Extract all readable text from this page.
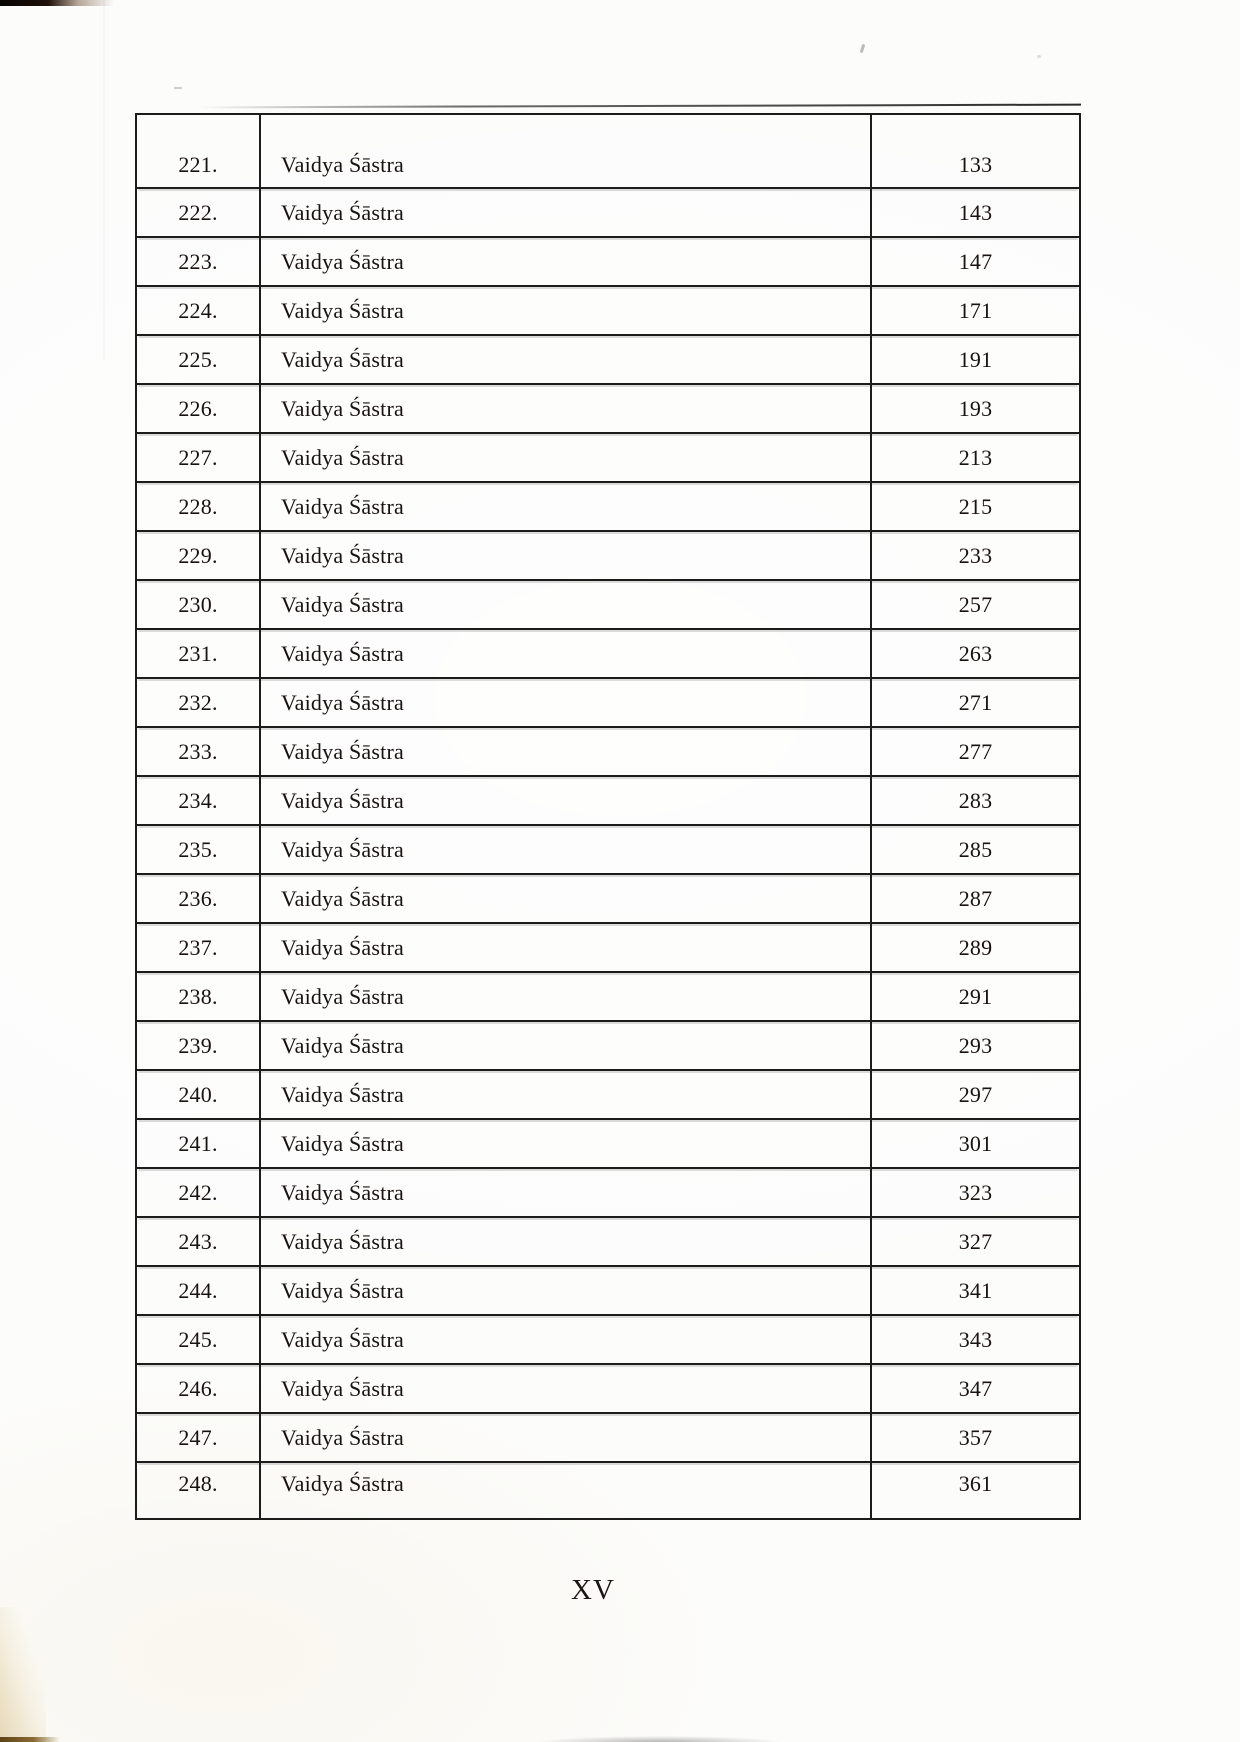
221.	Vaidya Śāstra	133
222.	Vaidya Śāstra	143
223.	Vaidya Śāstra	147
224.	Vaidya Śāstra	171
225.	Vaidya Śāstra	191
226.	Vaidya Śāstra	193
227.	Vaidya Śāstra	213
228.	Vaidya Śāstra	215
229.	Vaidya Śāstra	233
230.	Vaidya Śāstra	257
231.	Vaidya Śāstra	263
232.	Vaidya Śāstra	271
233.	Vaidya Śāstra	277
234.	Vaidya Śāstra	283
235.	Vaidya Śāstra	285
236.	Vaidya Śāstra	287
237.	Vaidya Śāstra	289
238.	Vaidya Śāstra	291
239.	Vaidya Śāstra	293
240.	Vaidya Śāstra	297
241.	Vaidya Śāstra	301
242.	Vaidya Śāstra	323
243.	Vaidya Śāstra	327
244.	Vaidya Śāstra	341
245.	Vaidya Śāstra	343
246.	Vaidya Śāstra	347
247.	Vaidya Śāstra	357
248.	Vaidya Śāstra	361
XV
